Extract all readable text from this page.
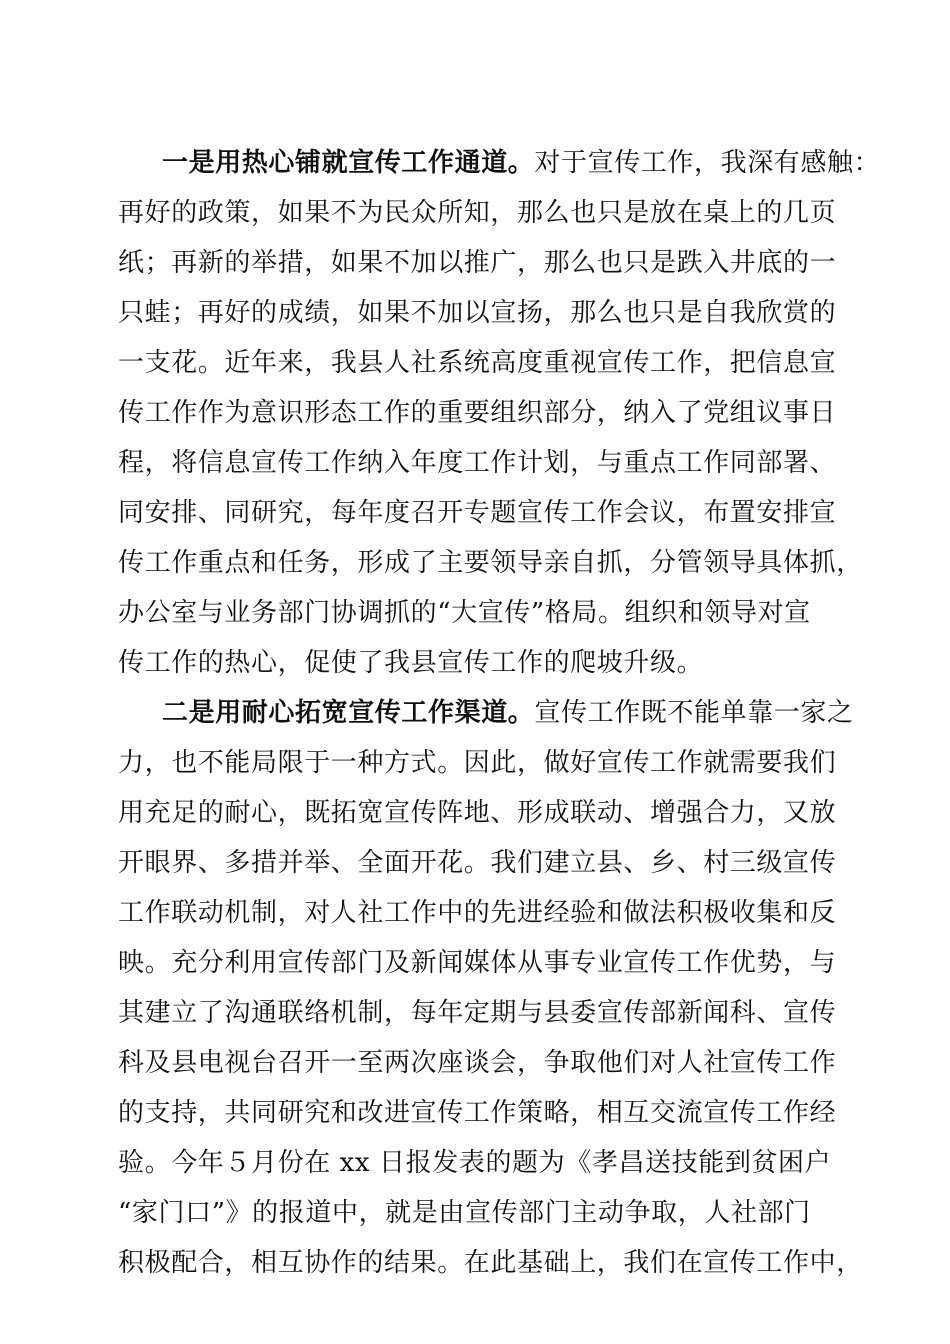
一是用热心铺就宣传工作通道。对于宣传工作，我深有感触：
再好的政策，如果不为民众所知，那么也只是放在桌上的几页
纸；再新的举措，如果不加以推广，那么也只是跌入井底的一
只蛙；再好的成绩，如果不加以宣扬，那么也只是自我欣赏的
一支花。近年来，我县人社系统高度重视宣传工作，把信息宣
传工作作为意识形态工作的重要组织部分，纳入了党组议事日
程，将信息宣传工作纳入年度工作计划，与重点工作同部署、
同安排、同研究，每年度召开专题宣传工作会议，布置安排宣
传工作重点和任务，形成了主要领导亲自抓，分管领导具体抓，
办公室与业务部门协调抓的“大宣传”格局。组织和领导对宣
传工作的热心，促使了我县宣传工作的爬坡升级。
二是用耐心拓宽宣传工作渠道。宣传工作既不能单靠一家之
力，也不能局限于一种方式。因此，做好宣传工作就需要我们
用充足的耐心，既拓宽宣传阵地、形成联动、增强合力，又放
开眼界、多措并举、全面开花。我们建立县、乡、村三级宣传
工作联动机制，对人社工作中的先进经验和做法积极收集和反
映。充分利用宣传部门及新闻媒体从事专业宣传工作优势，与
其建立了沟通联络机制，每年定期与县委宣传部新闻科、宣传
科及县电视台召开一至两次座谈会，争取他们对人社宣传工作
的支持，共同研究和改进宣传工作策略，相互交流宣传工作经
验。今年５月份在 xx 日报发表的题为《孝昌送技能到贫困户
“家门口”》的报道中，就是由宣传部门主动争取，人社部门
积极配合，相互协作的结果。在此基础上，我们在宣传工作中，
